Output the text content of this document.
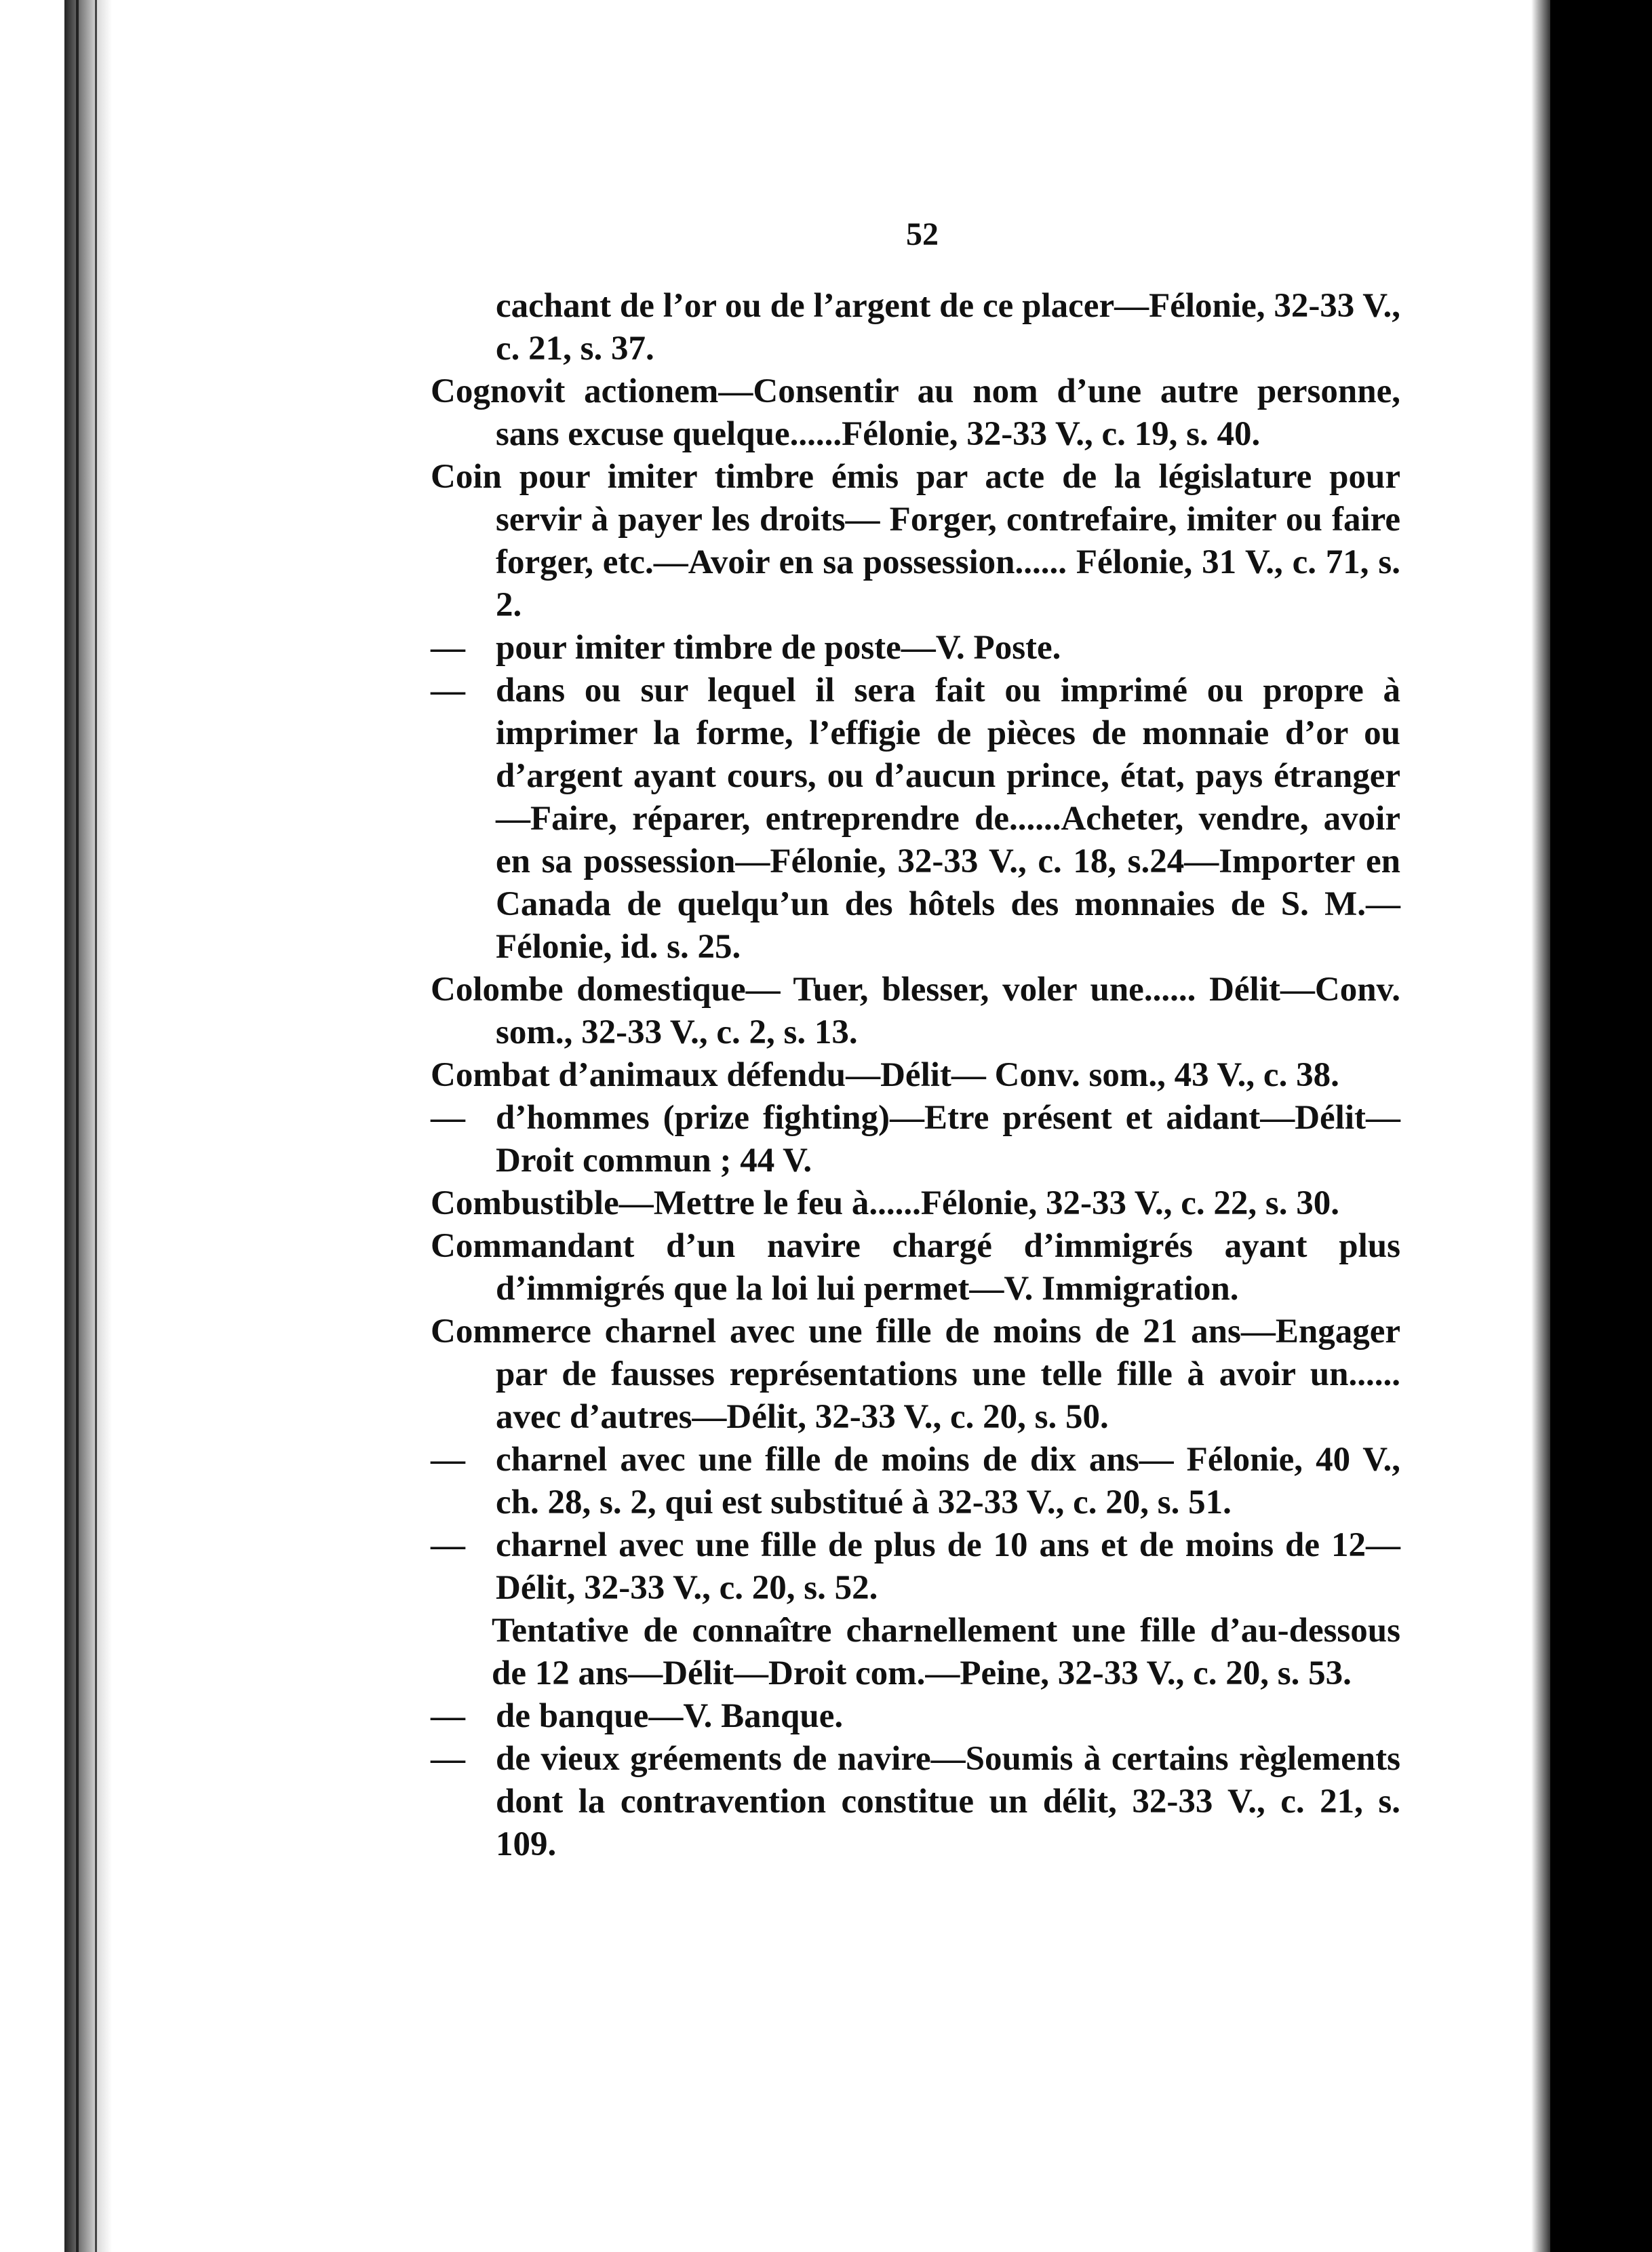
52

cachant de l’or ou de l’argent de ce placer—Félonie, 32-33 V., c. 21, s. 37.

Cognovit actionem—Consentir au nom d’une autre personne, sans excuse quelque......Félonie, 32-33 V., c. 19, s. 40.

Coin pour imiter timbre émis par acte de la législature pour servir à payer les droits— Forger, contrefaire, imiter ou faire forger, etc.—Avoir en sa possession...... Félonie, 31 V., c. 71, s. 2.

— pour imiter timbre de poste—V. Poste.

— dans ou sur lequel il sera fait ou imprimé ou propre à imprimer la forme, l’effigie de pièces de monnaie d’or ou d’argent ayant cours, ou d’aucun prince, état, pays étranger—Faire, réparer, entreprendre de......Acheter, vendre, avoir en sa possession—Félonie, 32-33 V., c. 18, s.24—Importer en Canada de quelqu’un des hôtels des monnaies de S. M.—Félonie, id. s. 25.

Colombe domestique— Tuer, blesser, voler une...... Délit—Conv. som., 32-33 V., c. 2, s. 13.

Combat d’animaux défendu—Délit— Conv. som., 43 V., c. 38.

— d’hommes (prize fighting)—Etre présent et aidant—Délit—Droit commun ; 44 V.

Combustible—Mettre le feu à......Félonie, 32-33 V., c. 22, s. 30.

Commandant d’un navire chargé d’immigrés ayant plus d’immigrés que la loi lui permet—V. Immigration.

Commerce charnel avec une fille de moins de 21 ans—Engager par de fausses représentations une telle fille à avoir un...... avec d’autres—Délit, 32-33 V., c. 20, s. 50.

— charnel avec une fille de moins de dix ans— Félonie, 40 V., ch. 28, s. 2, qui est substitué à 32-33 V., c. 20, s. 51.

— charnel avec une fille de plus de 10 ans et de moins de 12—Délit, 32-33 V., c. 20, s. 52.

Tentative de connaître charnellement une fille d’au-dessous de 12 ans—Délit—Droit com.—Peine, 32-33 V., c. 20, s. 53.

— de banque—V. Banque.

— de vieux gréements de navire—Soumis à certains règlements dont la contravention constitue un délit, 32-33 V., c. 21, s. 109.
